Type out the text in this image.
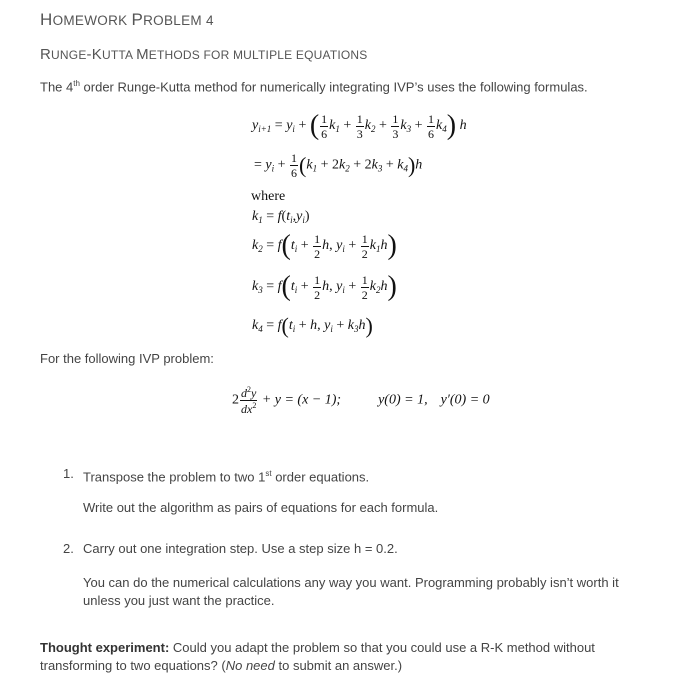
HOMEWORK PROBLEM 4
RUNGE-KUTTA METHODS FOR MULTIPLE EQUATIONS
The 4th order Runge-Kutta method for numerically integrating IVP’s uses the following formulas.
$y_{i+1} = y_i$ + ( $\frac{1}{6} k_1 + \frac{1}{3} k_2 + \frac{1}{3} k_3 + \frac{1}{6} k_4$) h
= $y_i + \frac{1}{6} (k_1 + 2k_2 + 2k_3 + k_4)h$
where
$k_1 = f(t_i,y_i)$
$k_2 = f(t_i + \frac{1}{2} h$, $y_i + \frac{1}{2} k_1h$)
$k_3 = f(t_i + \frac{1}{2} h$, $y_i + \frac{1}{2} k_2h$)
$k_4 = f(t_i + h$, $y_i + k_3h$)
For the following IVP problem:
$2 \frac{d^2y}{dx^2} + y = (x - 1)$;	y(0) = 1, y′(0) = 0
1. Transpose the problem to two 1st order equations.
Write out the algorithm as pairs of equations for each formula.
2. Carry out one integration step. Use a step size h = 0.2.
You can do the numerical calculations any way you want. Programming probably isn’t worth it unless you just want the practice.
Thought experiment: Could you adapt the problem so that you could use a R-K method without transforming to two equations? (No need to submit an answer.)
